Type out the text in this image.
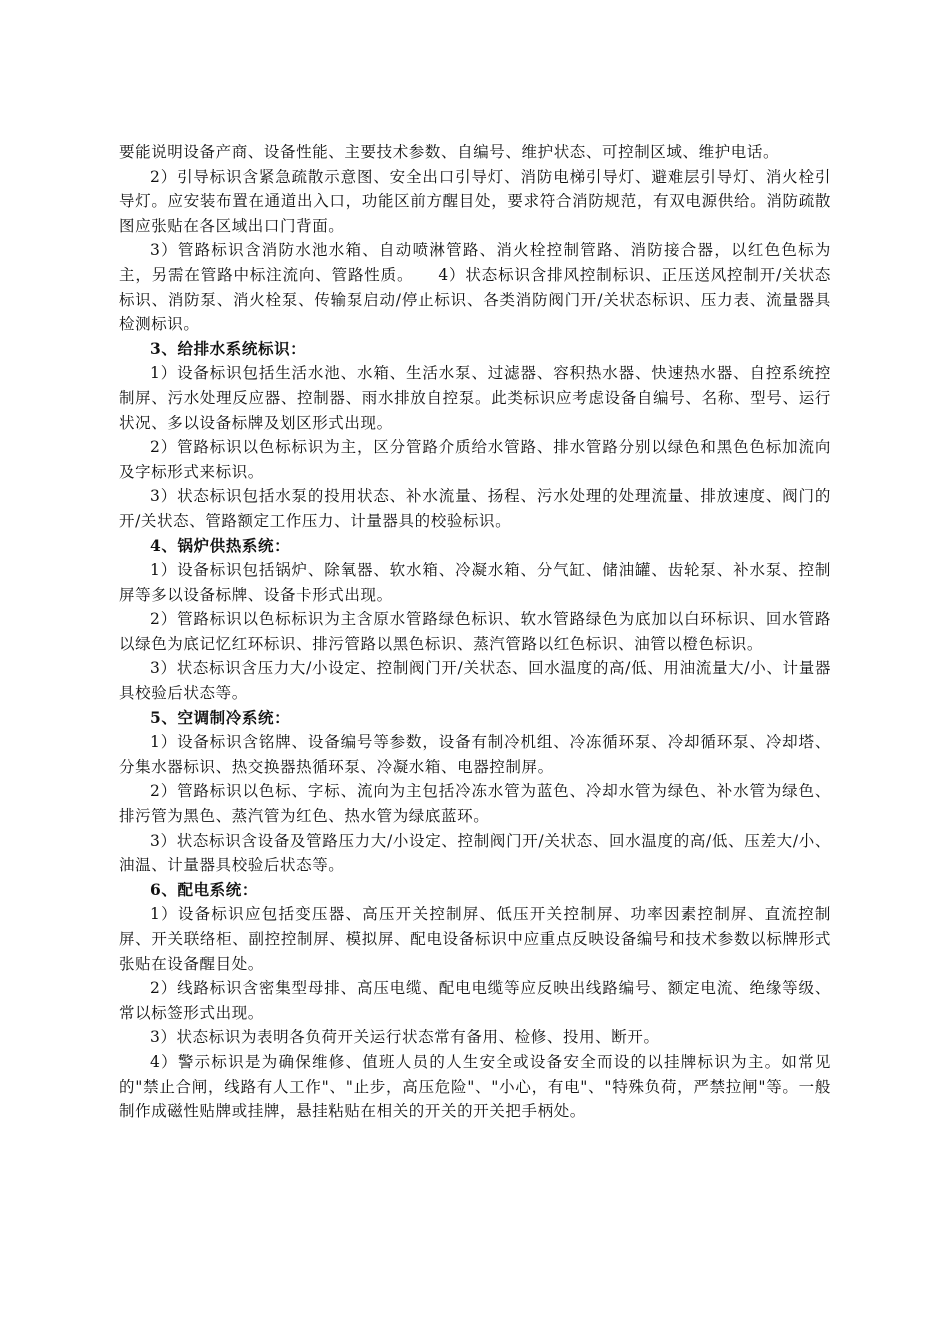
要能说明设备产商、设备性能、主要技术参数、自编号、维护状态、可控制区域、维护电话。

2）引导标识含紧急疏散示意图、安全出口引导灯、消防电梯引导灯、避难层引导灯、消火栓引导灯。应安装布置在通道出入口，功能区前方醒目处，要求符合消防规范，有双电源供给。消防疏散图应张贴在各区域出口门背面。

3）管路标识含消防水池水箱、自动喷淋管路、消火栓控制管路、消防接合器，以红色色标为主，另需在管路中标注流向、管路性质。　　4）状态标识含排风控制标识、正压送风控制开/关状态标识、消防泵、消火栓泵、传输泵启动/停止标识、各类消防阀门开/关状态标识、压力表、流量器具检测标识。

3、给排水系统标识：

1）设备标识包括生活水池、水箱、生活水泵、过滤器、容积热水器、快速热水器、自控系统控制屏、污水处理反应器、控制器、雨水排放自控泵。此类标识应考虑设备自编号、名称、型号、运行状况、多以设备标牌及划区形式出现。

2）管路标识以色标标识为主，区分管路介质给水管路、排水管路分别以绿色和黑色色标加流向及字标形式来标识。

3）状态标识包括水泵的投用状态、补水流量、扬程、污水处理的处理流量、排放速度、阀门的开/关状态、管路额定工作压力、计量器具的校验标识。

4、锅炉供热系统：

1）设备标识包括锅炉、除氧器、软水箱、冷凝水箱、分气缸、储油罐、齿轮泵、补水泵、控制屏等多以设备标牌、设备卡形式出现。

2）管路标识以色标标识为主含原水管路绿色标识、软水管路绿色为底加以白环标识、回水管路以绿色为底记忆红环标识、排污管路以黑色标识、蒸汽管路以红色标识、油管以橙色标识。

3）状态标识含压力大/小设定、控制阀门开/关状态、回水温度的高/低、用油流量大/小、计量器具校验后状态等。

5、空调制冷系统：

1）设备标识含铭牌、设备编号等参数，设备有制冷机组、冷冻循环泵、冷却循环泵、冷却塔、分集水器标识、热交换器热循环泵、冷凝水箱、电器控制屏。

2）管路标识以色标、字标、流向为主包括冷冻水管为蓝色、冷却水管为绿色、补水管为绿色、排污管为黑色、蒸汽管为红色、热水管为绿底蓝环。

3）状态标识含设备及管路压力大/小设定、控制阀门开/关状态、回水温度的高/低、压差大/小、油温、计量器具校验后状态等。

6、配电系统：

1）设备标识应包括变压器、高压开关控制屏、低压开关控制屏、功率因素控制屏、直流控制屏、开关联络柜、副控控制屏、模拟屏、配电设备标识中应重点反映设备编号和技术参数以标牌形式张贴在设备醒目处。

2）线路标识含密集型母排、高压电缆、配电电缆等应反映出线路编号、额定电流、绝缘等级、常以标签形式出现。

3）状态标识为表明各负荷开关运行状态常有备用、检修、投用、断开。

4）警示标识是为确保维修、值班人员的人生安全或设备安全而设的以挂牌标识为主。如常见的"禁止合闸，线路有人工作"、"止步，高压危险"、"小心，有电"、"特殊负荷，严禁拉闸"等。一般制作成磁性贴牌或挂牌，悬挂粘贴在相关的开关的开关把手柄处。
